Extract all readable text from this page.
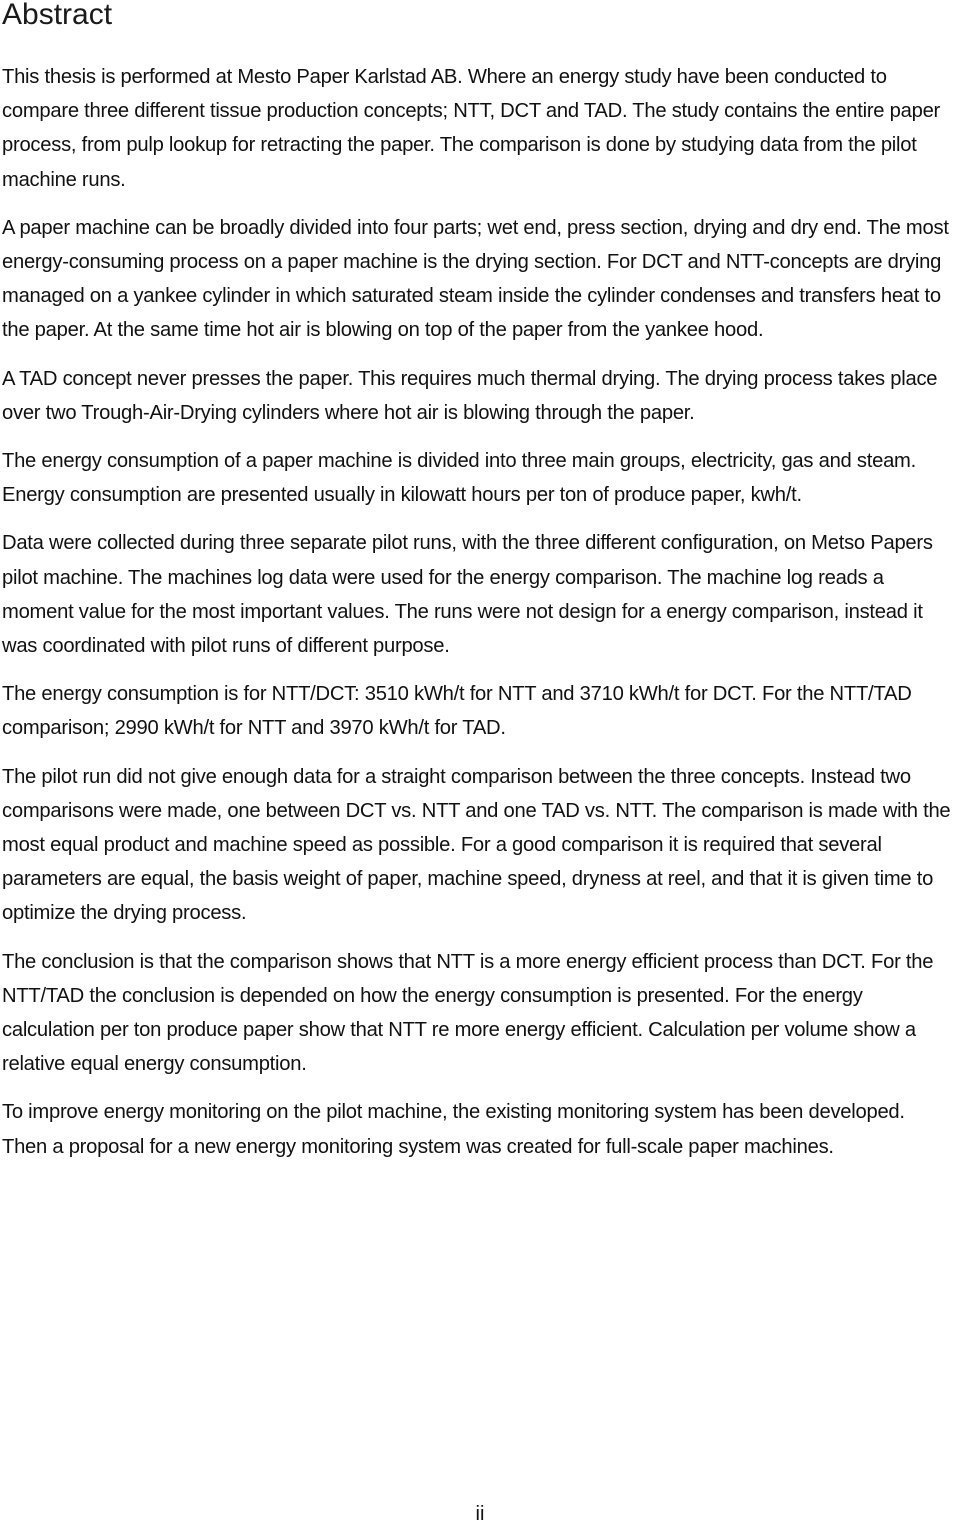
Abstract

This thesis is performed at Mesto Paper Karlstad AB. Where an energy study have been conducted to compare three different tissue production concepts; NTT, DCT and TAD. The study contains the entire paper process, from pulp lookup for retracting the paper. The comparison is done by studying data from the pilot machine runs.

A paper machine can be broadly divided into four parts; wet end, press section, drying and dry end. The most energy-consuming process on a paper machine is the drying section. For DCT and NTT-concepts are drying managed on a yankee cylinder in which saturated steam inside the cylinder condenses and transfers heat to the paper. At the same time hot air is blowing on top of the paper from the yankee hood.

A TAD concept never presses the paper. This requires much thermal drying. The drying process takes place over two Trough-Air-Drying cylinders where hot air is blowing through the paper.

The energy consumption of a paper machine is divided into three main groups, electricity, gas and steam. Energy consumption are presented usually in kilowatt hours per ton of produce paper, kwh/t.

Data were collected during three separate pilot runs, with the three different configuration, on Metso Papers pilot machine. The machines log data were used for the energy comparison. The machine log reads a moment value for the most important values. The runs were not design for a energy comparison, instead it was coordinated with pilot runs of different purpose.

The energy consumption is for NTT/DCT: 3510 kWh/t for NTT and 3710 kWh/t for DCT. For the NTT/TAD comparison; 2990 kWh/t for NTT and 3970 kWh/t for TAD.

The pilot run did not give enough data for a straight comparison between the three concepts. Instead two comparisons were made, one between DCT vs. NTT and one TAD vs. NTT. The comparison is made with the most equal product and machine speed as possible. For a good comparison it is required that several parameters are equal, the basis weight of paper, machine speed, dryness at reel, and that it is given time to optimize the drying process.

The conclusion is that the comparison shows that NTT is a more energy efficient process than DCT. For the NTT/TAD the conclusion is depended on how the energy consumption is presented. For the energy calculation per ton produce paper show that NTT re more energy efficient. Calculation per volume show a relative equal energy consumption.

To improve energy monitoring on the pilot machine, the existing monitoring system has been developed. Then a proposal for a new energy monitoring system was created for full-scale paper machines.

ii
